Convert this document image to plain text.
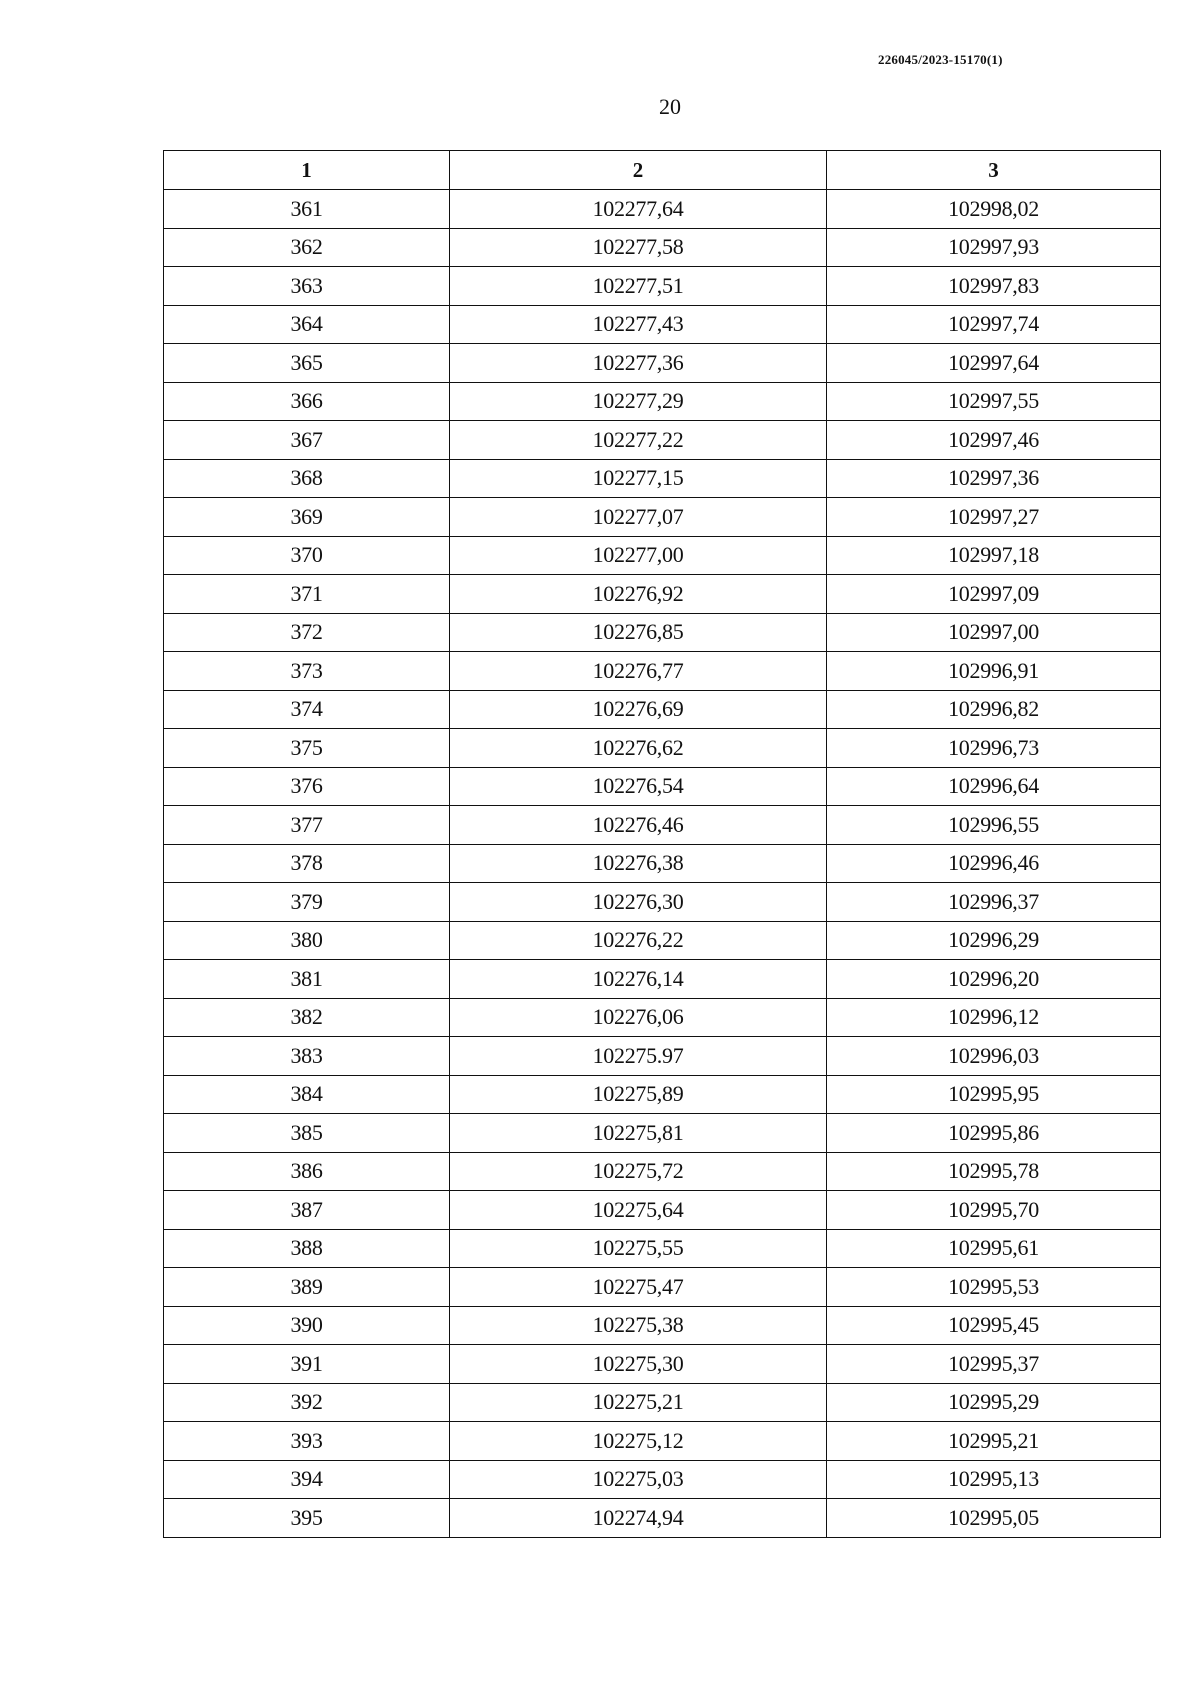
226045/2023-15170(1)
20
1	2	3
361	102277,64	102998,02
362	102277,58	102997,93
363	102277,51	102997,83
364	102277,43	102997,74
365	102277,36	102997,64
366	102277,29	102997,55
367	102277,22	102997,46
368	102277,15	102997,36
369	102277,07	102997,27
370	102277,00	102997,18
371	102276,92	102997,09
372	102276,85	102997,00
373	102276,77	102996,91
374	102276,69	102996,82
375	102276,62	102996,73
376	102276,54	102996,64
377	102276,46	102996,55
378	102276,38	102996,46
379	102276,30	102996,37
380	102276,22	102996,29
381	102276,14	102996,20
382	102276,06	102996,12
383	102275.97	102996,03
384	102275,89	102995,95
385	102275,81	102995,86
386	102275,72	102995,78
387	102275,64	102995,70
388	102275,55	102995,61
389	102275,47	102995,53
390	102275,38	102995,45
391	102275,30	102995,37
392	102275,21	102995,29
393	102275,12	102995,21
394	102275,03	102995,13
395	102274,94	102995,05
